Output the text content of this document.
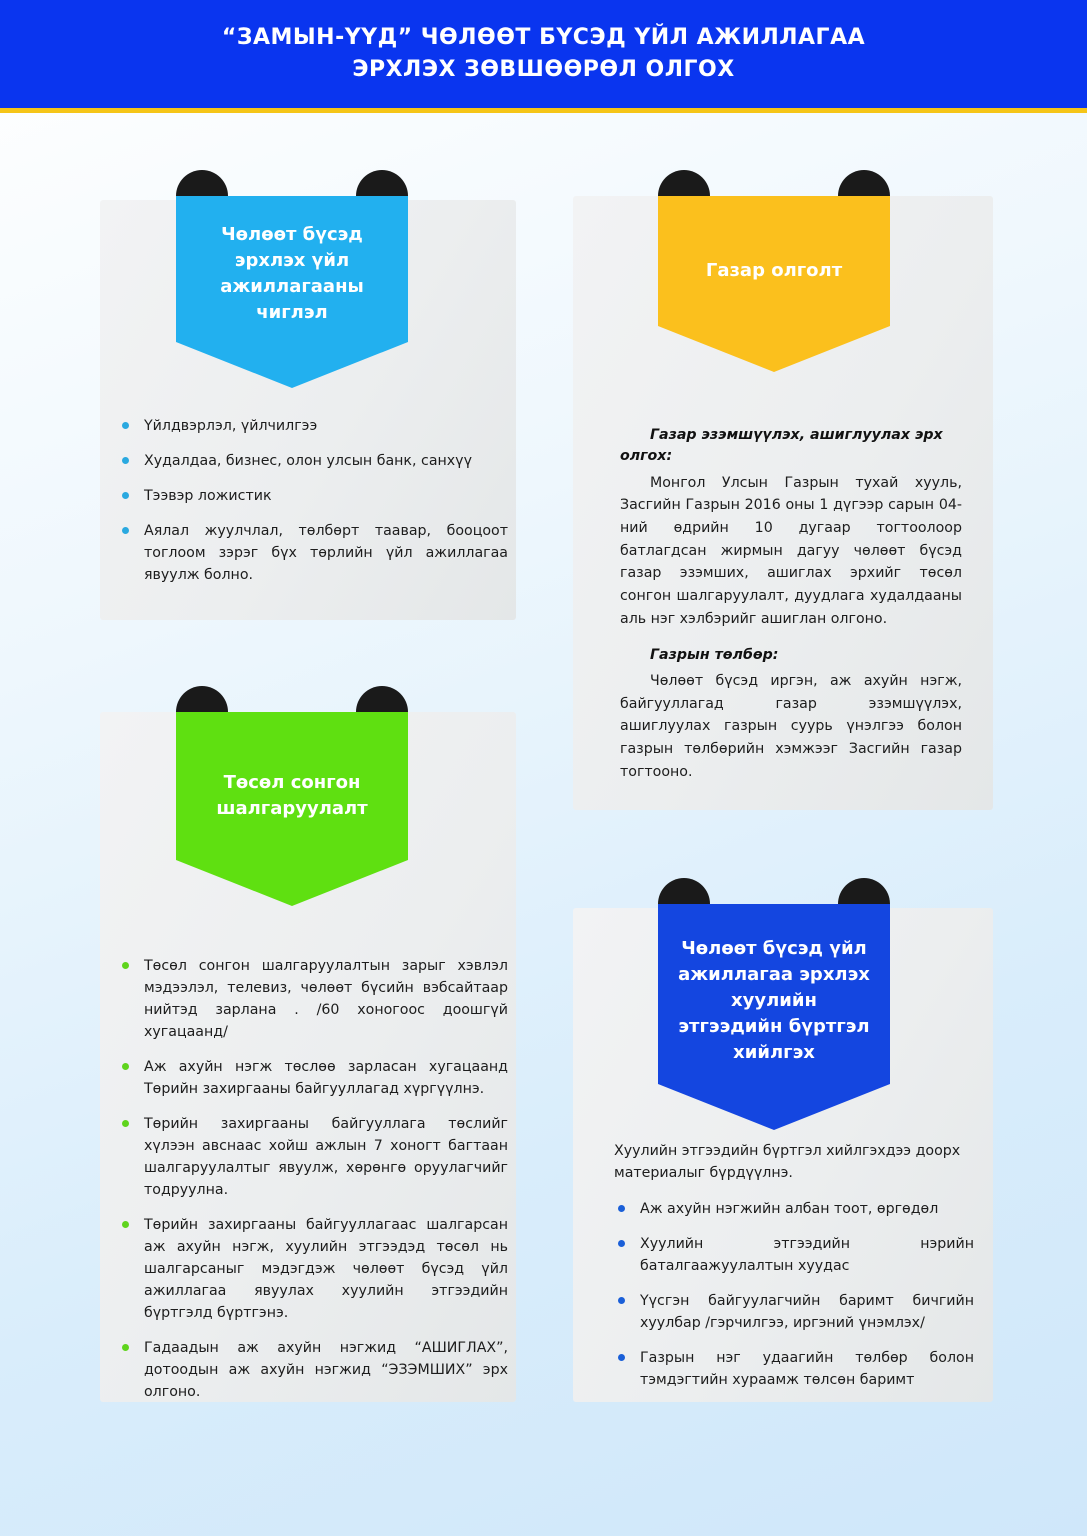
“ЗАМЫН-ҮҮД” ЧӨЛӨӨТ БҮСЭД ҮЙЛ АЖИЛЛАГАА
ЭРХЛЭХ ЗӨВШӨӨРӨЛ ОЛГОХ
Чөлөөт бүсэд эрхлэх үйл ажиллагааны чиглэл
Үйлдвэрлэл, үйлчилгээ
Худалдаа, бизнес, олон улсын банк, санхүү
Тээвэр ложистик
Аялал жуулчлал, төлбөрт таавар, бооцоот тоглоом зэрэг бүх төрлийн үйл ажиллагаа явуулж болно.
Газар олголт
Газар эзэмшүүлэх, ашиглуулах эрх олгох:

Монгол Улсын Газрын тухай хууль, Засгийн Газрын 2016 оны 1 дүгээр сарын 04-ний өдрийн 10 дугаар тогтоолоор батлагдсан жирмын дагуу чөлөөт бүсэд газар эзэмших, ашиглах эрхийг төсөл сонгон шалгаруулалт, дуудлага худалдааны аль нэг хэлбэрийг ашиглан олгоно.

Газрын төлбөр:

Чөлөөт бүсэд иргэн, аж ахуйн нэгж, байгууллагад газар эзэмшүүлэх, ашиглуулах газрын суурь үнэлгээ болон газрын төлбөрийн хэмжээг Засгийн газар тогтооно.

Төсөл сонгон шалгаруулалт
Төсөл сонгон шалгаруулалтын зарыг хэвлэл мэдээлэл, телевиз, чөлөөт бүсийн вэбсайтаар нийтэд зарлана . /60 хоногоос доошгүй хугацаанд/
Аж ахуйн нэгж төслөө зарласан хугацаанд Төрийн захиргааны байгууллагад хүргүүлнэ.
Төрийн захиргааны байгууллага төслийг хүлээн авснаас хойш ажлын 7 хоногт багтаан шалгаруулалтыг явуулж, хөрөнгө оруулагчийг тодруулна.
Төрийн захиргааны байгууллагаас шалгарсан аж ахуйн нэгж, хуулийн этгээдэд төсөл нь шалгарсаныг мэдэгдэж чөлөөт бүсэд үйл ажиллагаа явуулах хуулийн этгээдийн бүртгэлд бүртгэнэ.
Гадаадын аж ахуйн нэгжид “АШИГЛАХ”, дотоодын аж ахуйн нэгжид “ЭЗЭМШИХ” эрх олгоно.
Чөлөөт бүсэд үйл ажиллагаа эрхлэх хуулийн этгээдийн бүртгэл хийлгэх
Хуулийн этгээдийн бүртгэл хийлгэхдээ доорх материалыг бүрдүүлнэ.
Аж ахуйн нэгжийн албан тоот, өргөдөл
Хуулийн этгээдийн нэрийн баталгаажуулалтын хуудас
Үүсгэн байгуулагчийн баримт бичгийн хуулбар /гэрчилгээ, иргэний үнэмлэх/
Газрын нэг удаагийн төлбөр болон тэмдэгтийн хураамж төлсөн баримт
